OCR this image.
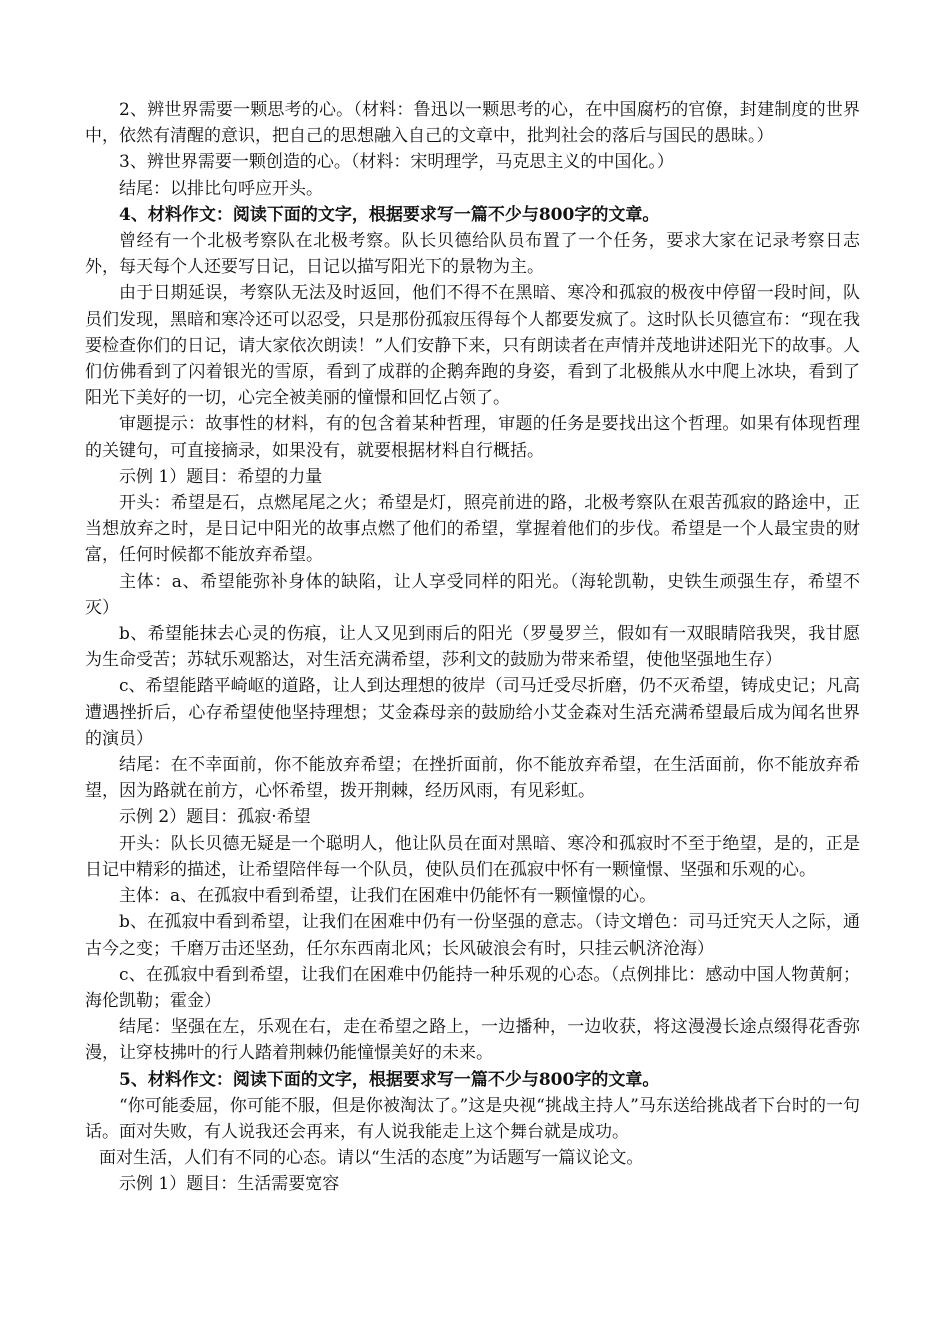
2、辨世界需要一颗思考的心。（材料：鲁迅以一颗思考的心，在中国腐朽的官僚，封建制度的世界中，依然有清醒的意识，把自己的思想融入自己的文章中，批判社会的落后与国民的愚昧。）

3、辨世界需要一颗创造的心。（材料：宋明理学，马克思主义的中国化。）

结尾：以排比句呼应开头。

4、材料作文：阅读下面的文字，根据要求写一篇不少与800字的文章。

曾经有一个北极考察队在北极考察。队长贝德给队员布置了一个任务，要求大家在记录考察日志外，每天每个人还要写日记，日记以描写阳光下的景物为主。

由于日期延误，考察队无法及时返回，他们不得不在黑暗、寒冷和孤寂的极夜中停留一段时间，队员们发现，黑暗和寒冷还可以忍受，只是那份孤寂压得每个人都要发疯了。这时队长贝德宣布：“现在我要检查你们的日记，请大家依次朗读！”人们安静下来，只有朗读者在声情并茂地讲述阳光下的故事。人们仿佛看到了闪着银光的雪原，看到了成群的企鹅奔跑的身姿，看到了北极熊从水中爬上冰块，看到了阳光下美好的一切，心完全被美丽的憧憬和回忆占领了。

审题提示：故事性的材料，有的包含着某种哲理，审题的任务是要找出这个哲理。如果有体现哲理的关键句，可直接摘录，如果没有，就要根据材料自行概括。

示例 1）题目：希望的力量

开头：希望是石，点燃尾尾之火；希望是灯，照亮前进的路，北极考察队在艰苦孤寂的路途中，正当想放弃之时，是日记中阳光的故事点燃了他们的希望，掌握着他们的步伐。希望是一个人最宝贵的财富，任何时候都不能放弃希望。

主体：a、希望能弥补身体的缺陷，让人享受同样的阳光。（海轮凯勒，史铁生顽强生存，希望不灭）

b、希望能抹去心灵的伤痕，让人又见到雨后的阳光（罗曼罗兰，假如有一双眼睛陪我哭，我甘愿为生命受苦；苏轼乐观豁达，对生活充满希望，莎利文的鼓励为带来希望，使他坚强地生存）

c、希望能踏平崎岖的道路，让人到达理想的彼岸（司马迁受尽折磨，仍不灭希望，铸成史记；凡高遭遇挫折后，心存希望使他坚持理想；艾金森母亲的鼓励给小艾金森对生活充满希望最后成为闻名世界的演员）

结尾：在不幸面前，你不能放弃希望；在挫折面前，你不能放弃希望，在生活面前，你不能放弃希望，因为路就在前方，心怀希望，拨开荆棘，经历风雨，有见彩虹。

示例 2）题目：孤寂·希望

开头：队长贝德无疑是一个聪明人，他让队员在面对黑暗、寒冷和孤寂时不至于绝望，是的，正是日记中精彩的描述，让希望陪伴每一个队员，使队员们在孤寂中怀有一颗憧憬、坚强和乐观的心。

主体：a、在孤寂中看到希望，让我们在困难中仍能怀有一颗憧憬的心。

b、在孤寂中看到希望，让我们在困难中仍有一份坚强的意志。（诗文增色：司马迁究天人之际，通古今之变；千磨万击还坚劲，任尔东西南北风；长风破浪会有时，只挂云帆济沧海）

c、在孤寂中看到希望，让我们在困难中仍能持一种乐观的心态。（点例排比：感动中国人物黄舸；海伦凯勒；霍金）

结尾：坚强在左，乐观在右，走在希望之路上，一边播种，一边收获，将这漫漫长途点缀得花香弥漫，让穿枝拂叶的行人踏着荆棘仍能憧憬美好的未来。

5、材料作文：阅读下面的文字，根据要求写一篇不少与800字的文章。

“你可能委屈，你可能不服，但是你被淘汰了。”这是央视“挑战主持人”马东送给挑战者下台时的一句话。面对失败，有人说我还会再来，有人说我能走上这个舞台就是成功。

面对生活，人们有不同的心态。请以“生活的态度”为话题写一篇议论文。

示例 1）题目：生活需要宽容
